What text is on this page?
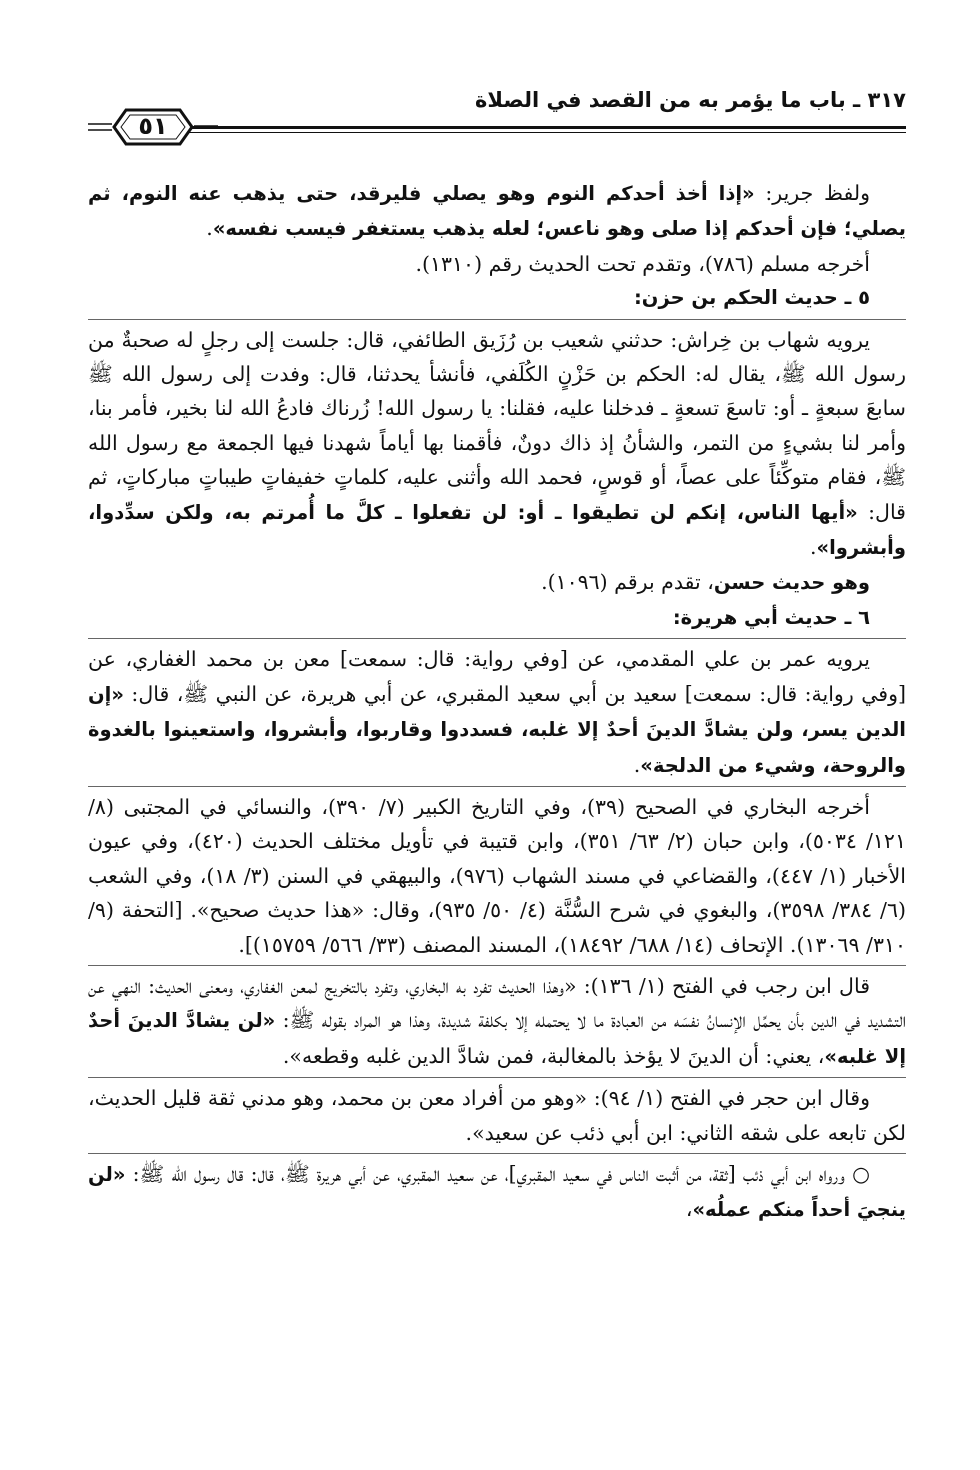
٣١٧ ـ باب ما يؤمر به من القصد في الصلاة
٥١

ولفظ جرير: «إذا أخذ أحدكم النوم وهو يصلي فليرقد، حتى يذهب عنه النوم، ثم يصلي؛ فإن أحدكم إذا صلى وهو ناعس؛ لعله يذهب يستغفر فيسب نفسه».

أخرجه مسلم (٧٨٦)، وتقدم تحت الحديث رقم (١٣١٠).

٥ ـ حديث الحكم بن حزن:

يرويه شهاب بن خِراش: حدثني شعيب بن رُزَيق الطائفي، قال: جلست إلى رجلٍ له صحبةٌ من رسول الله ﷺ، يقال له: الحكم بن حَزْنٍ الكُلَفي، فأنشأ يحدثنا، قال: وفدت إلى رسول الله ﷺ سابعَ سبعةٍ ـ أو: تاسعَ تسعةٍ ـ فدخلنا عليه، فقلنا: يا رسول الله! زُرناك فادعُ الله لنا بخير، فأمر بنا، وأمر لنا بشيءٍ من التمر، والشأنُ إذ ذاك دونٌ، فأقمنا بها أياماً شهدنا فيها الجمعة مع رسول الله ﷺ، فقام متوكِّئاً على عصاً، أو قوسٍ، فحمد الله وأثنى عليه، كلماتٍ خفيفاتٍ طيباتٍ مباركاتٍ، ثم قال: «أيها الناس، إنكم لن تطيقوا ـ أو: لن تفعلوا ـ كلَّ ما أُمرتم به، ولكن سدِّدوا، وأبشروا».

وهو حديث حسن، تقدم برقم (١٠٩٦).

٦ ـ حديث أبي هريرة:

يرويه عمر بن علي المقدمي، عن [وفي رواية: قال: سمعت] معن بن محمد الغفاري، عن [وفي رواية: قال: سمعت] سعيد بن أبي سعيد المقبري، عن أبي هريرة، عن النبي ﷺ، قال: «إن الدين يسر، ولن يشادَّ الدينَ أحدٌ إلا غلبه، فسددوا وقاربوا، وأبشروا، واستعينوا بالغدوة والروحة، وشيء من الدلجة».

أخرجه البخاري في الصحيح (٣٩)، وفي التاريخ الكبير (٧/ ٣٩٠)، والنسائي في المجتبى (٨/ ١٢١/ ٥٠٣٤)، وابن حبان (٢/ ٦٣/ ٣٥١)، وابن قتيبة في تأويل مختلف الحديث (٤٢٠)، وفي عيون الأخبار (١/ ٤٤٧)، والقضاعي في مسند الشهاب (٩٧٦)، والبيهقي في السنن (٣/ ١٨)، وفي الشعب (٦/ ٣٨٤/ ٣٥٩٨)، والبغوي في شرح السُّنَّة (٤/ ٥٠/ ٩٣٥)، وقال: «هذا حديث صحيح». [التحفة (٩/ ٣١٠/ ١٣٠٦٩). الإتحاف (١٤/ ٦٨٨/ ١٨٤٩٢)، المسند المصنف (٣٣/ ٥٦٦/ ١٥٧٥٩)].

قال ابن رجب في الفتح (١/ ١٣٦): «وهذا الحديث تفرد به البخاري، وتفرد بالتخريج لمعن الغفاري، ومعنى الحديث: النهي عن التشديد في الدين بأن يحمِّل الإنسانُ نفسَه من العبادة ما لا يحتمله إلا بكلفة شديدة، وهذا هو المراد بقوله ﷺ: «لن يشادَّ الدينَ أحدٌ إلا غلبه»، يعني: أن الدينَ لا يؤخذ بالمغالبة، فمن شادَّ الدين غلبه وقطعه».

وقال ابن حجر في الفتح (١/ ٩٤): «وهو من أفراد معن بن محمد، وهو مدني ثقة قليل الحديث، لكن تابعه على شقه الثاني: ابن أبي ذئب عن سعيد».

○ ورواه ابن أبي ذئب [ثقة، من أثبت الناس في سعيد المقبري]، عن سعيد المقبري، عن أبي هريرة ﷺ، قال: قال رسول الله ﷺ: «لن ينجيَ أحداً منكم عملُه»،
